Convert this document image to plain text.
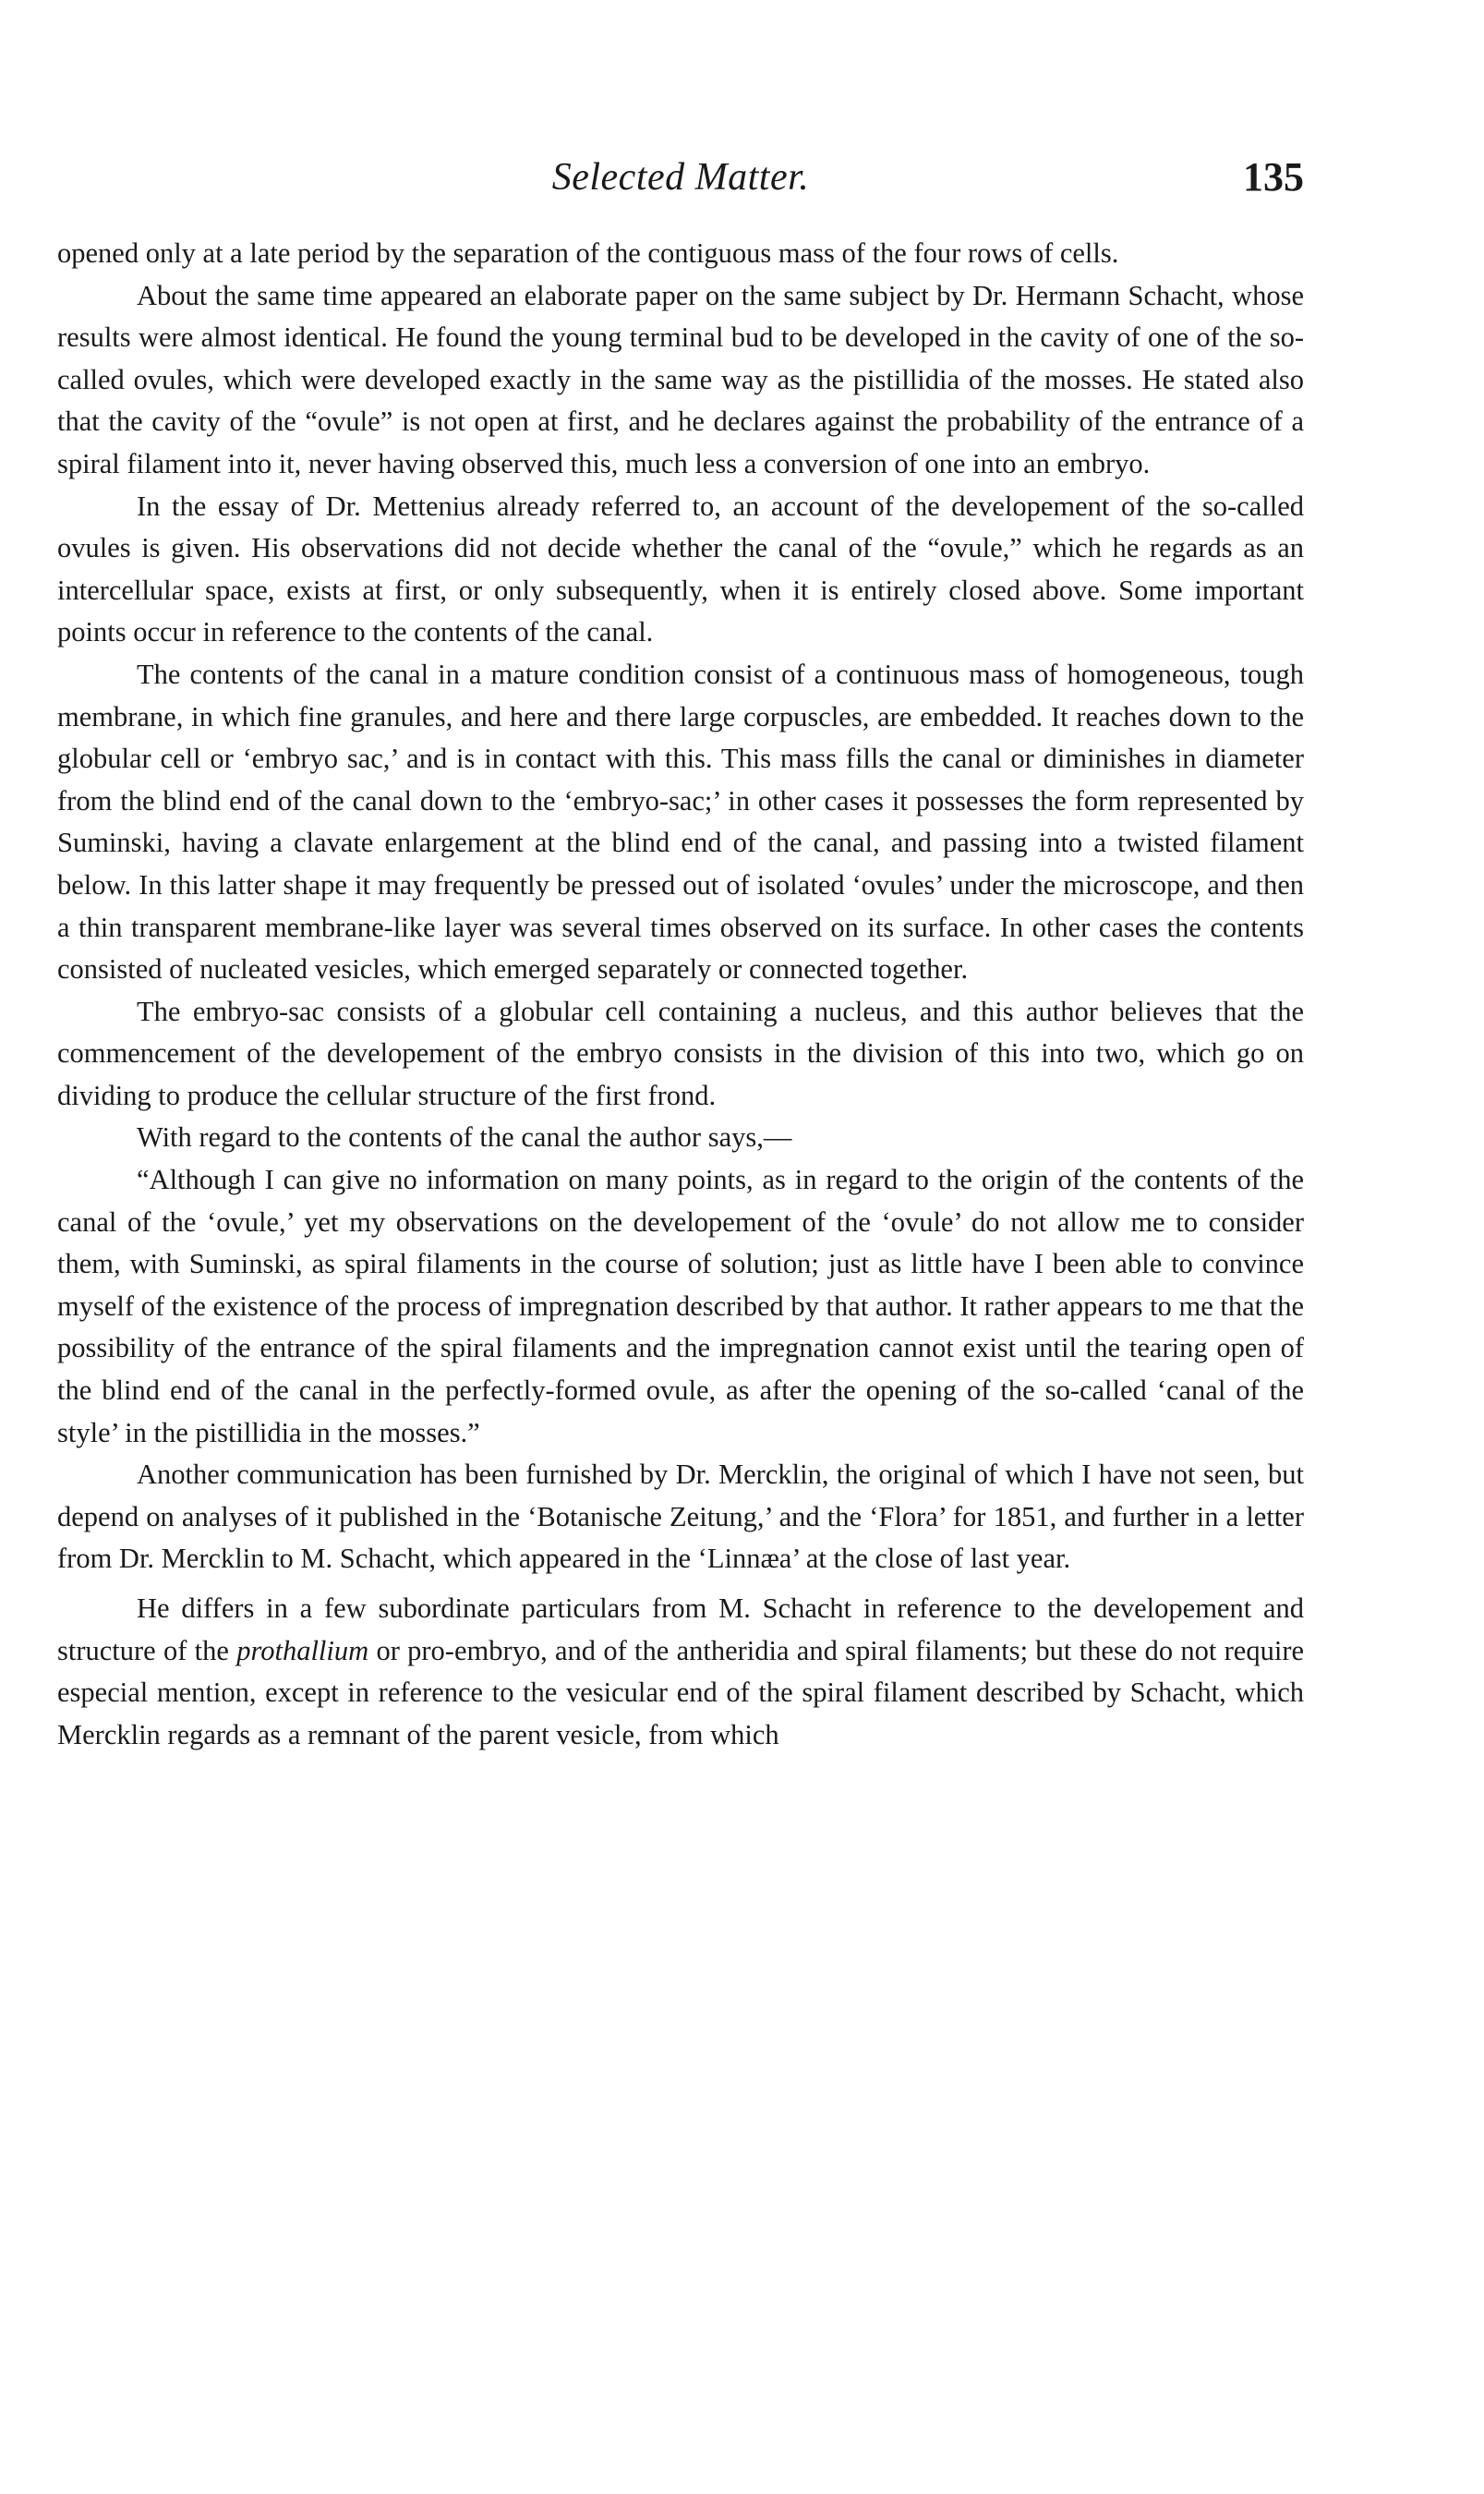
Selected Matter.	135

opened only at a late period by the separation of the contiguous mass of the four rows of cells.

About the same time appeared an elaborate paper on the same subject by Dr. Hermann Schacht, whose results were almost identical. He found the young terminal bud to be developed in the cavity of one of the so-called ovules, which were developed exactly in the same way as the pistillidia of the mosses. He stated also that the cavity of the “ovule” is not open at first, and he declares against the probability of the entrance of a spiral filament into it, never having observed this, much less a conversion of one into an embryo.

In the essay of Dr. Mettenius already referred to, an account of the developement of the so-called ovules is given. His observations did not decide whether the canal of the “ovule,” which he regards as an intercellular space, exists at first, or only subsequently, when it is entirely closed above. Some important points occur in reference to the contents of the canal.

The contents of the canal in a mature condition consist of a continuous mass of homogeneous, tough membrane, in which fine granules, and here and there large corpuscles, are embedded. It reaches down to the globular cell or ‘embryo sac,’ and is in contact with this. This mass fills the canal or diminishes in diameter from the blind end of the canal down to the ‘embryo-sac;’ in other cases it possesses the form represented by Suminski, having a clavate enlargement at the blind end of the canal, and passing into a twisted filament below. In this latter shape it may frequently be pressed out of isolated ‘ovules’ under the microscope, and then a thin transparent membrane-like layer was several times observed on its surface. In other cases the contents consisted of nucleated vesicles, which emerged separately or connected together.

The embryo-sac consists of a globular cell containing a nucleus, and this author believes that the commencement of the developement of the embryo consists in the division of this into two, which go on dividing to produce the cellular structure of the first frond.

With regard to the contents of the canal the author says,—

“Although I can give no information on many points, as in regard to the origin of the contents of the canal of the ‘ovule,’ yet my observations on the developement of the ‘ovule’ do not allow me to consider them, with Suminski, as spiral filaments in the course of solution; just as little have I been able to convince myself of the existence of the process of impregnation described by that author. It rather appears to me that the possibility of the entrance of the spiral filaments and the impregnation cannot exist until the tearing open of the blind end of the canal in the perfectly-formed ovule, as after the opening of the so-called ‘canal of the style’ in the pistillidia in the mosses.”

Another communication has been furnished by Dr. Mercklin, the original of which I have not seen, but depend on analyses of it published in the ‘Botanische Zeitung,’ and the ‘Flora’ for 1851, and further in a letter from Dr. Mercklin to M. Schacht, which appeared in the ‘Linnæa’ at the close of last year.

He differs in a few subordinate particulars from M. Schacht in reference to the developement and structure of the prothallium or pro-embryo, and of the antheridia and spiral filaments; but these do not require especial mention, except in reference to the vesicular end of the spiral filament described by Schacht, which Mercklin regards as a remnant of the parent vesicle, from which
